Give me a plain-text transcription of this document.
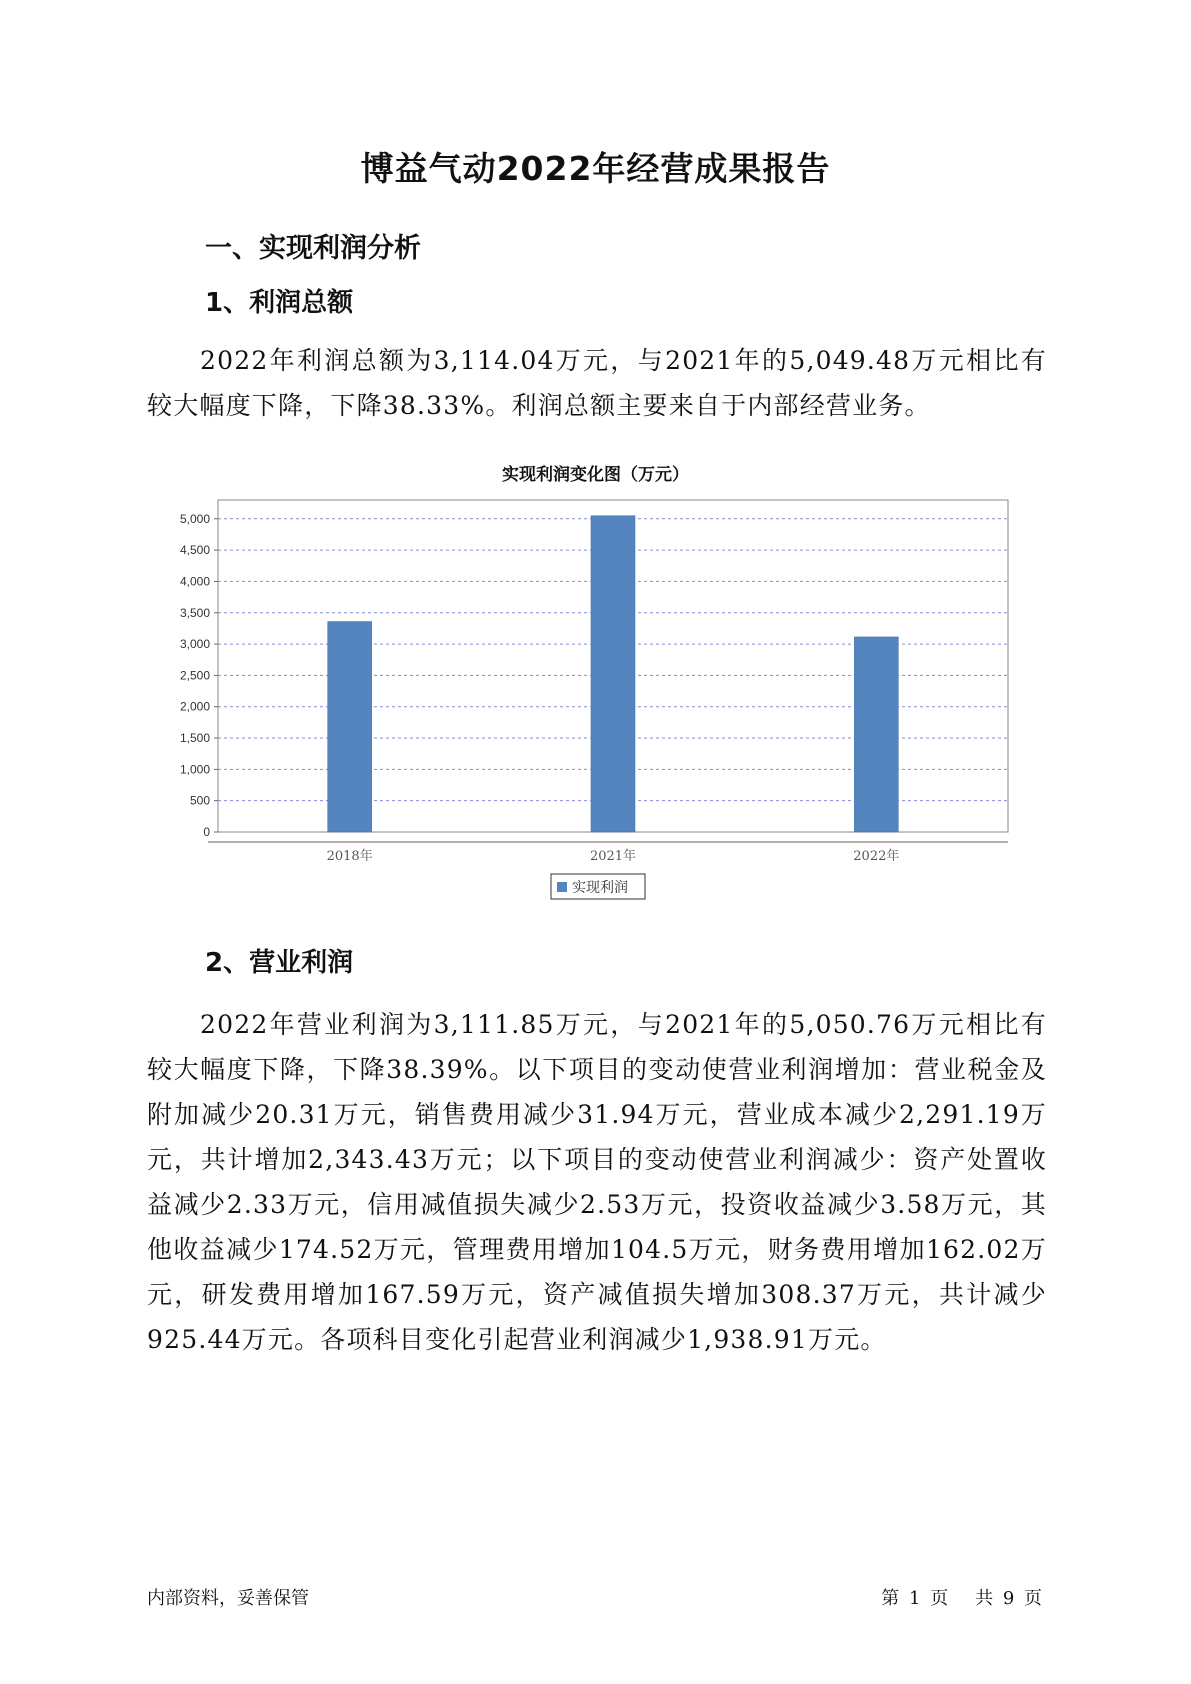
博益气动2022年经营成果报告
一、实现利润分析
1、利润总额

2022年利润总额为3,114.04万元，与2021年的5,049.48万元相比有较大幅度下降，下降38.33%。利润总额主要来自于内部经营业务。

实现利润变化图（万元）
0
500
1,000
1,500
2,000
2,500
3,000
3,500
4,000
4,500
5,000
2018年	2021年	2022年
实现利润
2、营业利润

2022年营业利润为3,111.85万元，与2021年的5,050.76万元相比有较大幅度下降，下降38.39%。以下项目的变动使营业利润增加：营业税金及附加减少20.31万元，销售费用减少31.94万元，营业成本减少2,291.19万元，共计增加2,343.43万元；以下项目的变动使营业利润减少：资产处置收益减少2.33万元，信用减值损失减少2.53万元，投资收益减少3.58万元，其他收益减少174.52万元，管理费用增加104.5万元，财务费用增加162.02万元，研发费用增加167.59万元，资产减值损失增加308.37万元，共计减少925.44万元。各项科目变化引起营业利润减少1,938.91万元。

内部资料，妥善保管	第 1 页 共 9 页
